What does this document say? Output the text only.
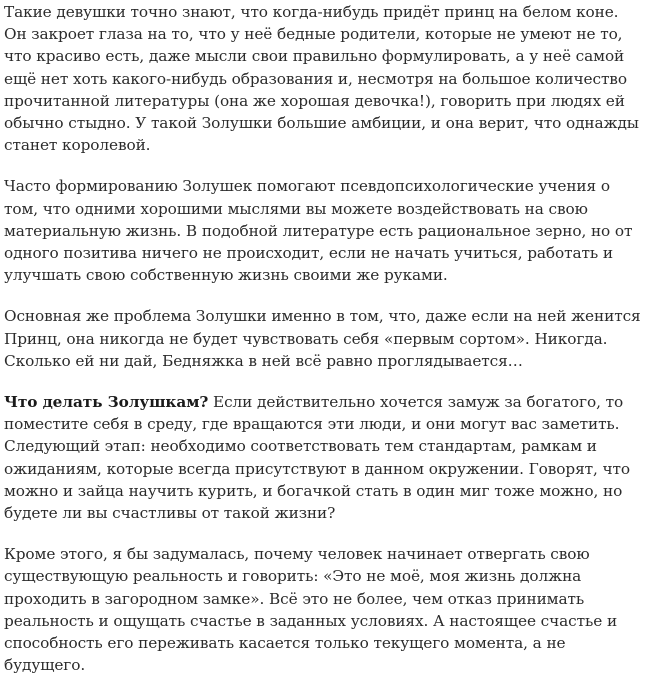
Такие девушки точно знают, что когда-нибудь придёт принц на белом коне. Он закроет глаза на то, что у неё бедные родители, которые не умеют не то, что красиво есть, даже мысли свои правильно формулировать, а у неё самой ещё нет хоть какого-нибудь образования и, несмотря на большое количество прочитанной литературы (она же хорошая девочка!), говорить при людях ей обычно стыдно. У такой Золушки большие амбиции, и она верит, что однажды станет королевой.

Часто формированию Золушек помогают псевдопсихологические учения о том, что одними хорошими мыслями вы можете воздействовать на свою материальную жизнь. В подобной литературе есть рациональное зерно, но от одного позитива ничего не происходит, если не начать учиться, работать и улучшать свою собственную жизнь своими же руками.

Основная же проблема Золушки именно в том, что, даже если на ней женится Принц, она никогда не будет чувствовать себя «первым сортом». Никогда. Сколько ей ни дай, Бедняжка в ней всё равно проглядывается…

Что делать Золушкам? Если действительно хочется замуж за богатого, то поместите себя в среду, где вращаются эти люди, и они могут вас заметить. Следующий этап: необходимо соответствовать тем стандартам, рамкам и ожиданиям, которые всегда присутствуют в данном окружении. Говорят, что можно и зайца научить курить, и богачкой стать в один миг тоже можно, но будете ли вы счастливы от такой жизни?

Кроме этого, я бы задумалась, почему человек начинает отвергать свою существующую реальность и говорить: «Это не моё, моя жизнь должна проходить в загородном замке». Всё это не более, чем отказ принимать реальность и ощущать счастье в заданных условиях. А настоящее счастье и способность его переживать касается только текущего момента, а не будущего.
